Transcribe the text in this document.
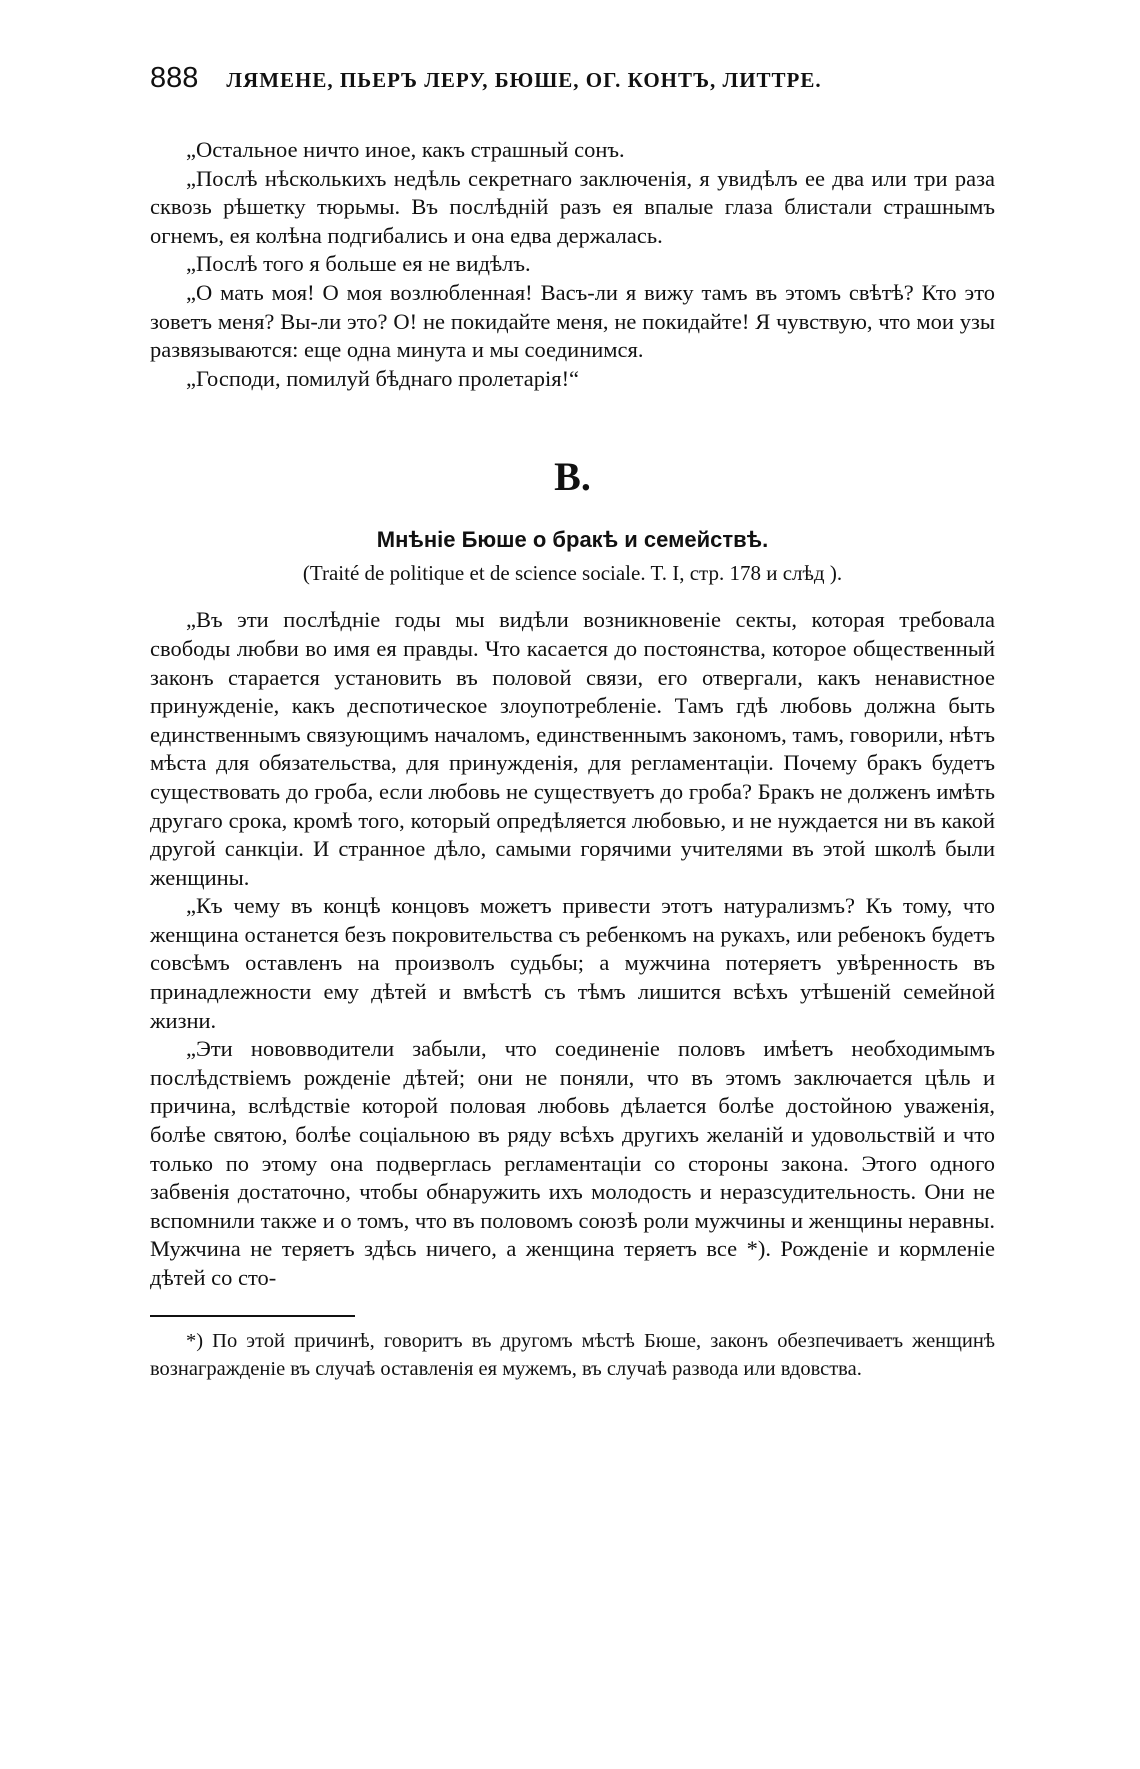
888 ЛЯМЕНЕ, ПЬЕРЪ ЛЕРУ, БЮШЕ, ОГ. КОНТЪ, ЛИТТРЕ.

„Остальное ничто иное, какъ страшный сонъ.

„Послѣ нѣсколькихъ недѣль секретнаго заключенія, я увидѣлъ ее два или три раза сквозь рѣшетку тюрьмы. Въ послѣдній разъ ея впалые глаза блистали страшнымъ огнемъ, ея колѣна подгибались и она едва держалась.

„Послѣ того я больше ея не видѣлъ.

„О мать моя! О моя возлюбленная! Васъ-ли я вижу тамъ въ этомъ свѣтѣ? Кто это зоветъ меня? Вы-ли это? О! не покидайте меня, не покидайте! Я чувствую, что мои узы развязываются: еще одна минута и мы соединимся.

„Господи, помилуй бѣднаго пролетарія!“

B.
Мнѣніе Бюше о бракѣ и семействѣ.
(Traité de politique et de science sociale. T. I, стр. 178 и слѣд ).

„Въ эти послѣдніе годы мы видѣли возникновеніе секты, которая требовала свободы любви во имя ея правды. Что касается до постоянства, которое общественный законъ старается установить въ половой связи, его отвергали, какъ ненавистное принужденіе, какъ деспотическое злоупотребленіе. Тамъ гдѣ любовь должна быть единственнымъ связующимъ началомъ, единственнымъ закономъ, тамъ, говорили, нѣтъ мѣста для обязательства, для принужденія, для регламентаціи. Почему бракъ будетъ существовать до гроба, если любовь не существуетъ до гроба? Бракъ не долженъ имѣть другаго срока, кромѣ того, который опредѣляется любовью, и не нуждается ни въ какой другой санкціи. И странное дѣло, самыми горячими учителями въ этой школѣ были женщины.

„Къ чему въ концѣ концовъ можетъ привести этотъ натурализмъ? Къ тому, что женщина останется безъ покровительства съ ребенкомъ на рукахъ, или ребенокъ будетъ совсѣмъ оставленъ на произволъ судьбы; а мужчина потеряетъ увѣренность въ принадлежности ему дѣтей и вмѣстѣ съ тѣмъ лишится всѣхъ утѣшеній семейной жизни.

„Эти нововводители забыли, что соединеніе половъ имѣетъ необходимымъ послѣдствіемъ рожденіе дѣтей; они не поняли, что въ этомъ заключается цѣль и причина, вслѣдствіе которой половая любовь дѣлается болѣе достойною уваженія, болѣе святою, болѣе соціальною въ ряду всѣхъ другихъ желаній и удовольствій и что только по этому она подверглась регламентаціи со стороны закона. Этого одного забвенія достаточно, чтобы обнаружить ихъ молодость и неразсудительность. Они не вспомнили также и о томъ, что въ половомъ союзѣ роли мужчины и женщины неравны. Мужчина не теряетъ здѣсь ничего, а женщина теряетъ все *). Рожденіе и кормленіе дѣтей со сто-

*) По этой причинѣ, говоритъ въ другомъ мѣстѣ Бюше, законъ обезпечиваетъ женщинѣ вознагражденіе въ случаѣ оставленія ея мужемъ, въ случаѣ развода или вдовства.
